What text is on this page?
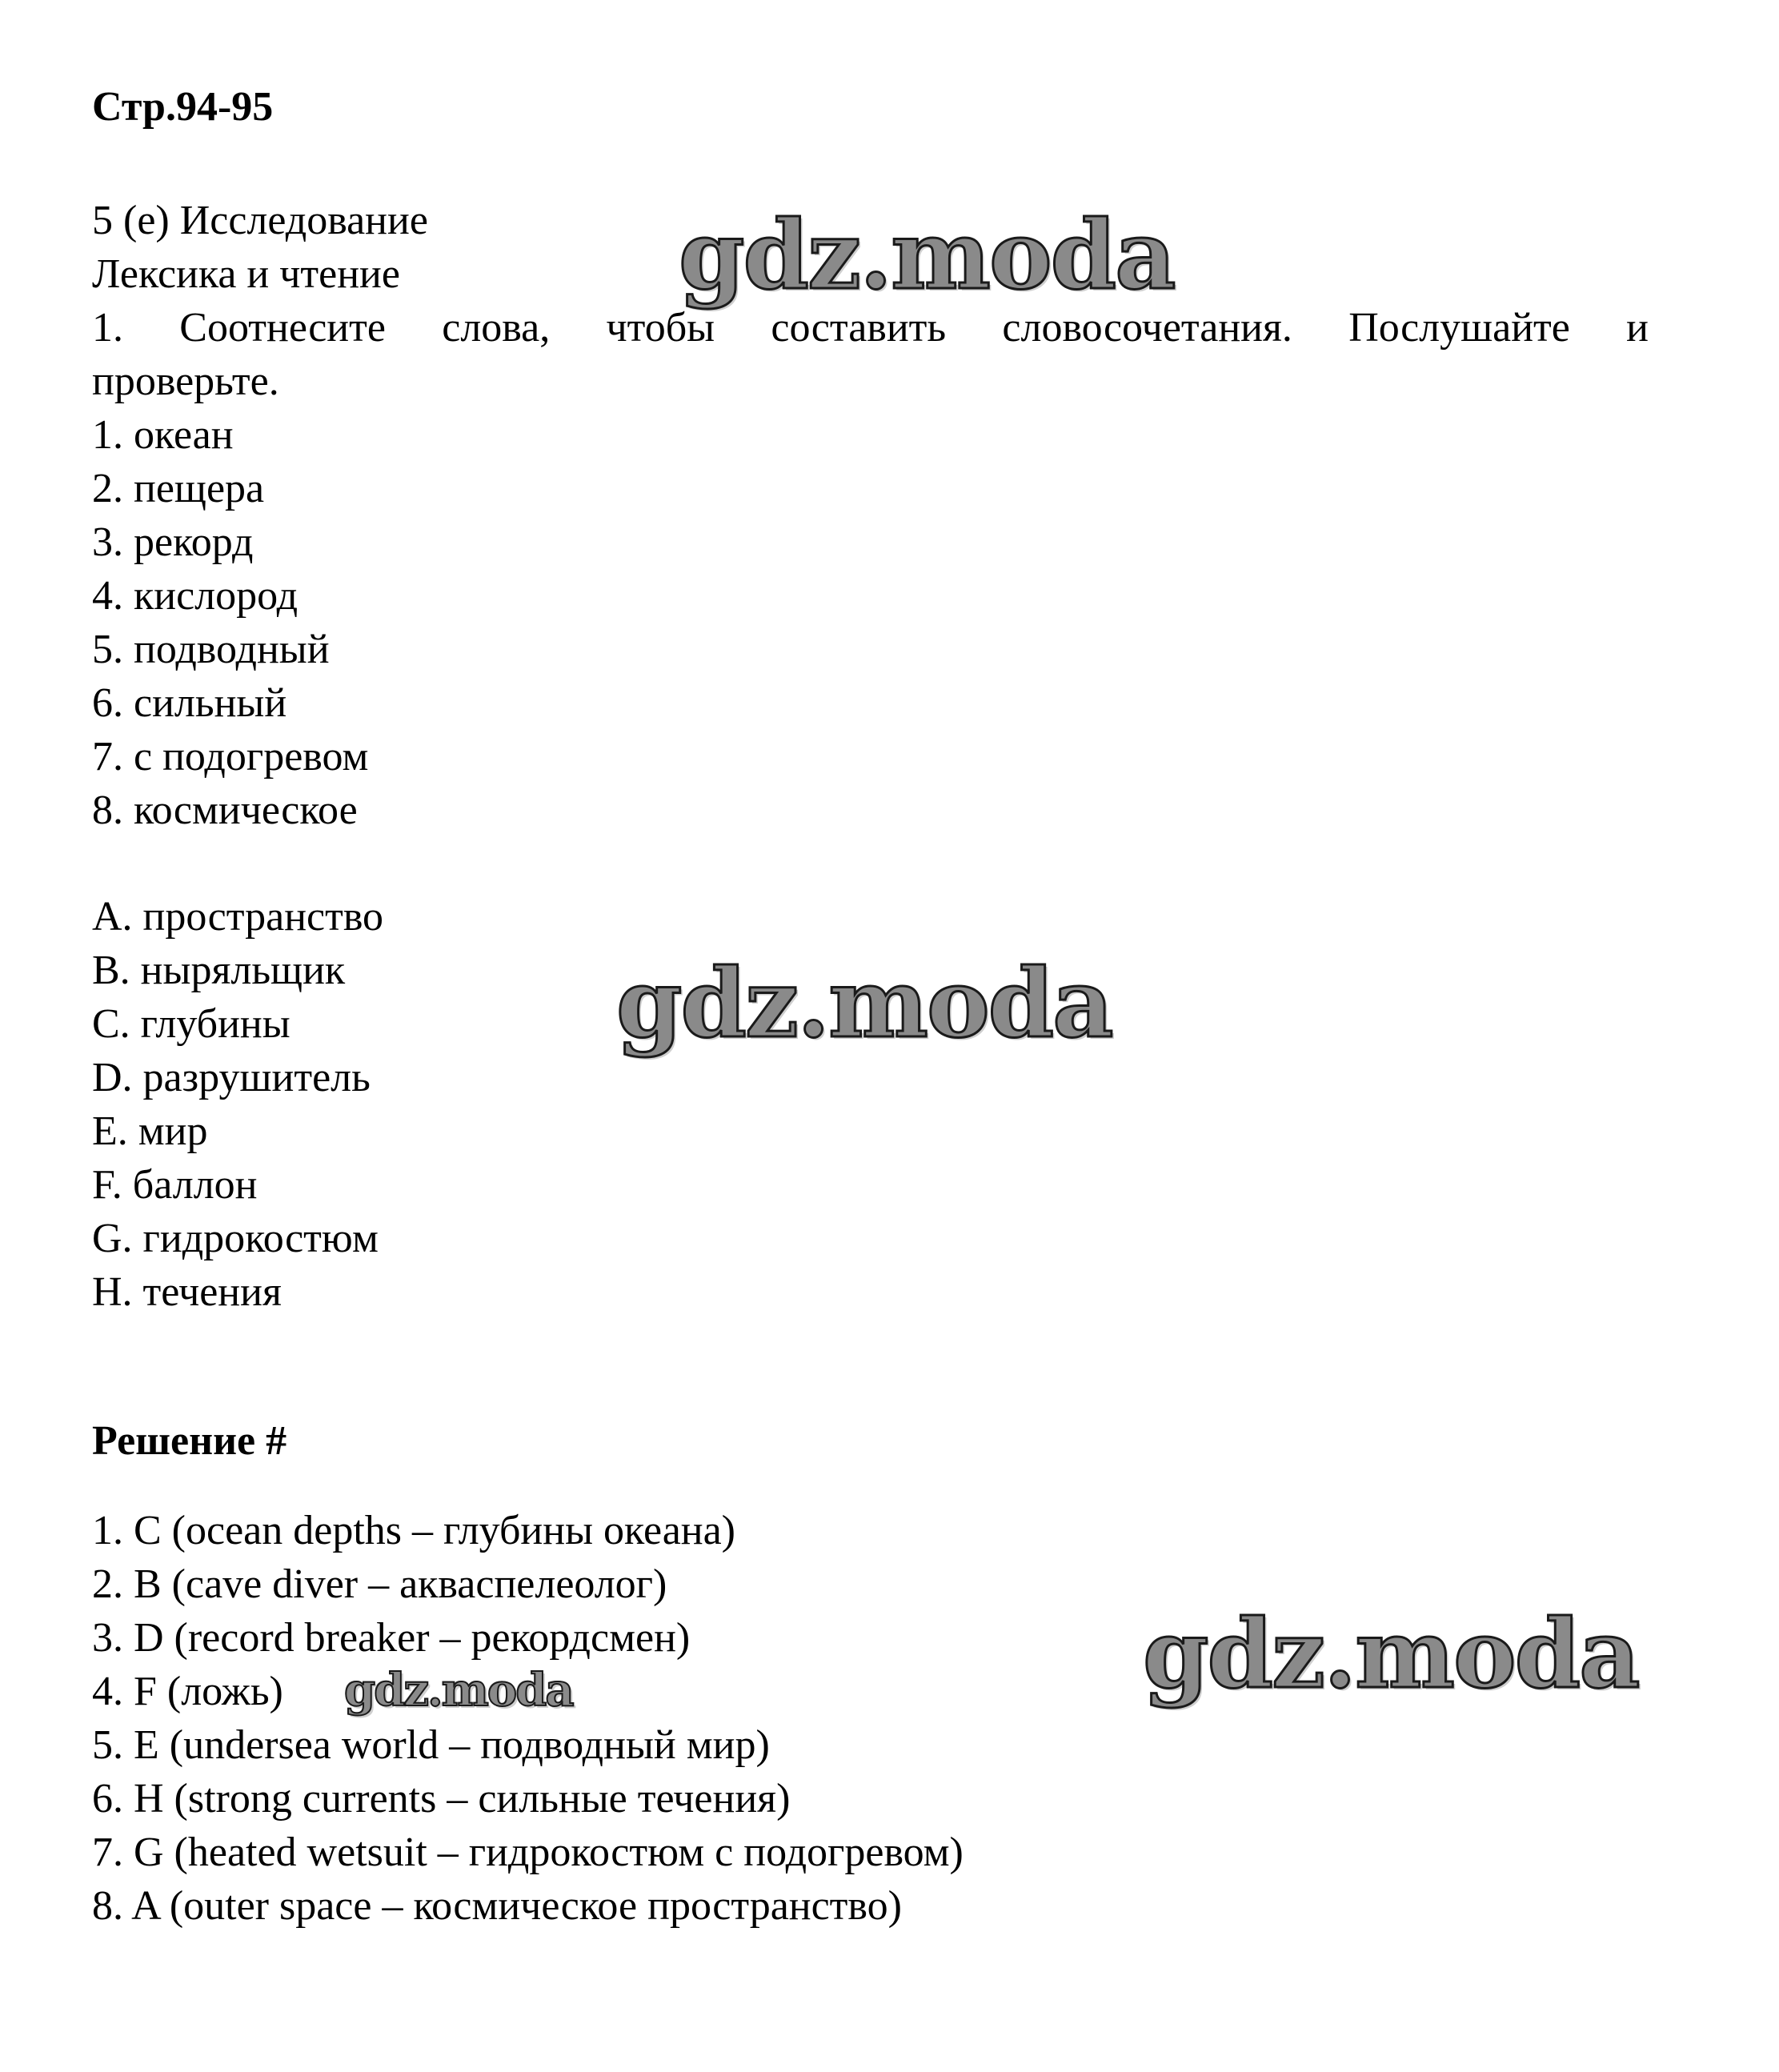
Стр.94-95
5 (e) Исследование
Лексика и чтение
1. Соотнесите слова, чтобы составить словосочетания. Послушайте и
проверьте.
1. океан
2. пещера
3. рекорд
4. кислород
5. подводный
6. сильный
7. с подогревом
8. космическое
A. пространство
B. ныряльщик
C. глубины
D. разрушитель
E. мир
F. баллон
G. гидрокостюм
H. течения
Решение #
1. C (ocean depths – глубины океана)
2. B (cave diver – акваспелеолог)
3. D (record breaker – рекордсмен)
4. F (ложь)
5. E (undersea world – подводный мир)
6. H (strong currents – сильные течения)
7. G (heated wetsuit – гидрокостюм с подогревом)
8. A (outer space – космическое пространство)
gdz.moda
gdz.moda
gdz.moda
gdz.moda
